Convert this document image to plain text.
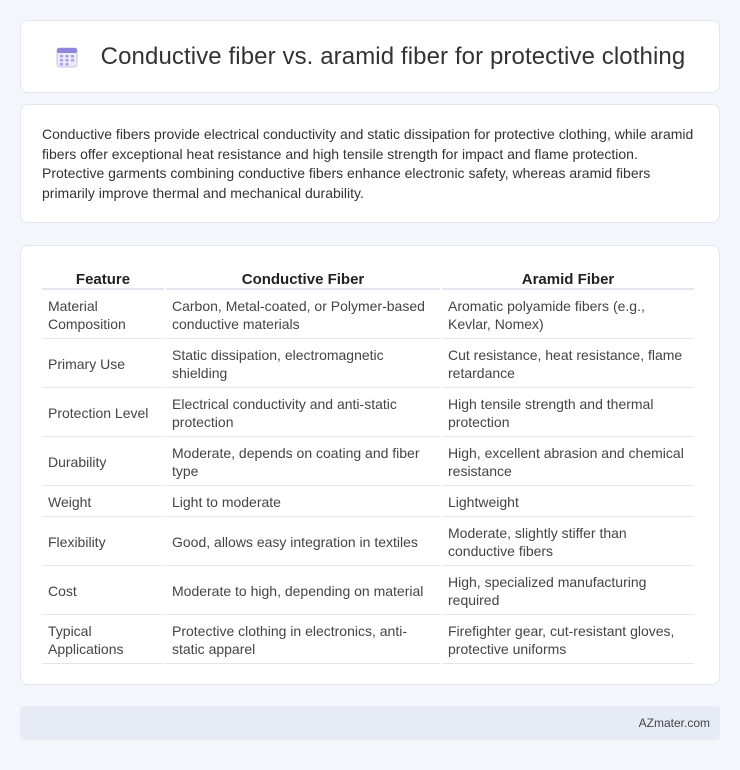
Conductive fiber vs. aramid fiber for protective clothing

Conductive fibers provide electrical conductivity and static dissipation for protective clothing, while aramid fibers offer exceptional heat resistance and high tensile strength for impact and flame protection. Protective garments combining conductive fibers enhance electronic safety, whereas aramid fibers primarily improve thermal and mechanical durability.

Feature	Conductive Fiber	Aramid Fiber
Material Composition	Carbon, Metal-coated, or Polymer-based conductive materials	Aromatic polyamide fibers (e.g., Kevlar, Nomex)
Primary Use	Static dissipation, electromagnetic shielding	Cut resistance, heat resistance, flame retardance
Protection Level	Electrical conductivity and anti-static protection	High tensile strength and thermal protection
Durability	Moderate, depends on coating and fiber type	High, excellent abrasion and chemical resistance
Weight	Light to moderate	Lightweight
Flexibility	Good, allows easy integration in textiles	Moderate, slightly stiffer than conductive fibers
Cost	Moderate to high, depending on material	High, specialized manufacturing required
Typical Applications	Protective clothing in electronics, anti-static apparel	Firefighter gear, cut-resistant gloves, protective uniforms
AZmater.com
